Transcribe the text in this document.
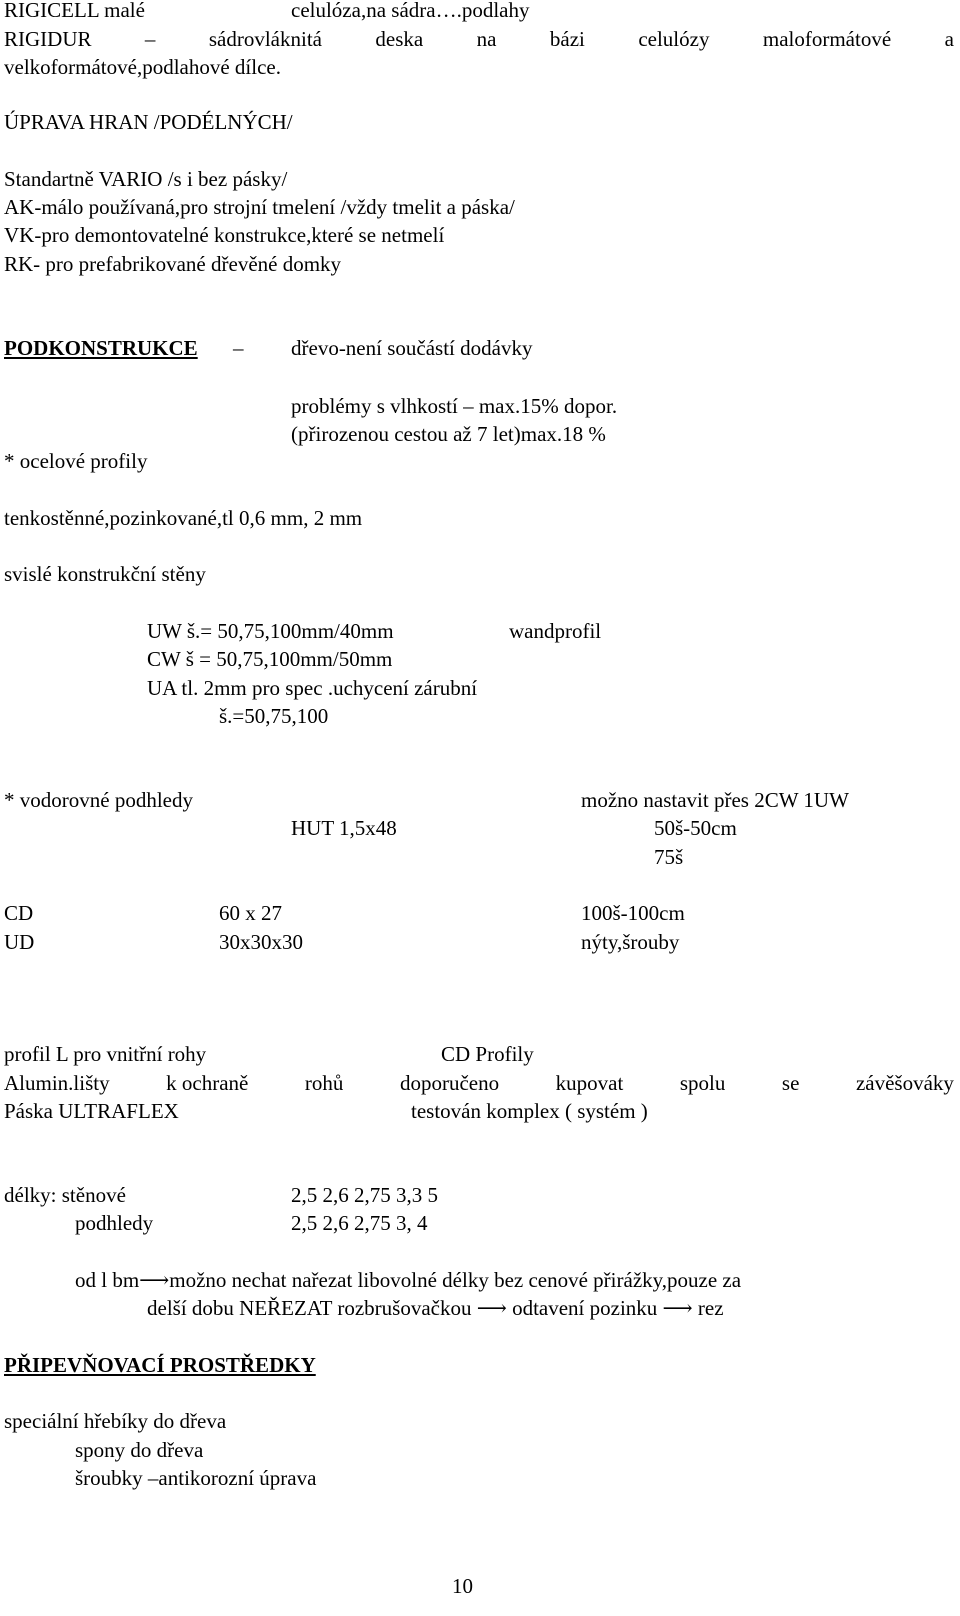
RIGICELL malé	celulóza,na sádra….podlahy
RIGIDUR	–	sádrovláknitá	deska	na	bázi	celulózy	maloformátové	a
velkoformátové,podlahové dílce.
ÚPRAVA HRAN /PODÉLNÝCH/
Standartně VARIO /s i bez pásky/
AK-málo používaná,pro strojní tmelení /vždy tmelit a páska/
VK-pro demontovatelné konstrukce,které se netmelí
RK- pro prefabrikované dřevěné domky
PODKONSTRUKCE – dřevo-není součástí dodávky
problémy s vlhkostí – max.15% dopor.
(přirozenou cestou až 7 let)max.18 %
* ocelové profily
tenkostěnné,pozinkované,tl 0,6 mm, 2 mm
svislé konstrukční stěny
UW š.= 50,75,100mm/40mm	wandprofil
CW š = 50,75,100mm/50mm
UA tl. 2mm pro spec .uchycení zárubní
š.=50,75,100
* vodorovné podhledy	možno nastavit přes 2CW 1UW
HUT 1,5x48	50š-50cm
75š
CD	60 x 27	100š-100cm
UD	30x30x30	nýty,šrouby
profil L pro vnitřní rohy	CD Profily
Alumin.lišty	k ochraně	rohů	doporučeno	kupovat	spolu	se	závěšováky
Páska ULTRAFLEX	testován komplex ( systém )
délky: stěnové	2,5 2,6 2,75 3,3 5
podhledy	2,5 2,6 2,75 3, 4
od l bm⟶možno nechat nařezat libovolné délky bez cenové přirážky,pouze za
delší dobu NEŘEZAT rozbrušovačkou ⟶ odtavení pozinku ⟶ rez
PŘIPEVŇOVACÍ PROSTŘEDKY
speciální hřebíky do dřeva
spony do dřeva
šroubky –antikorozní úprava
10
